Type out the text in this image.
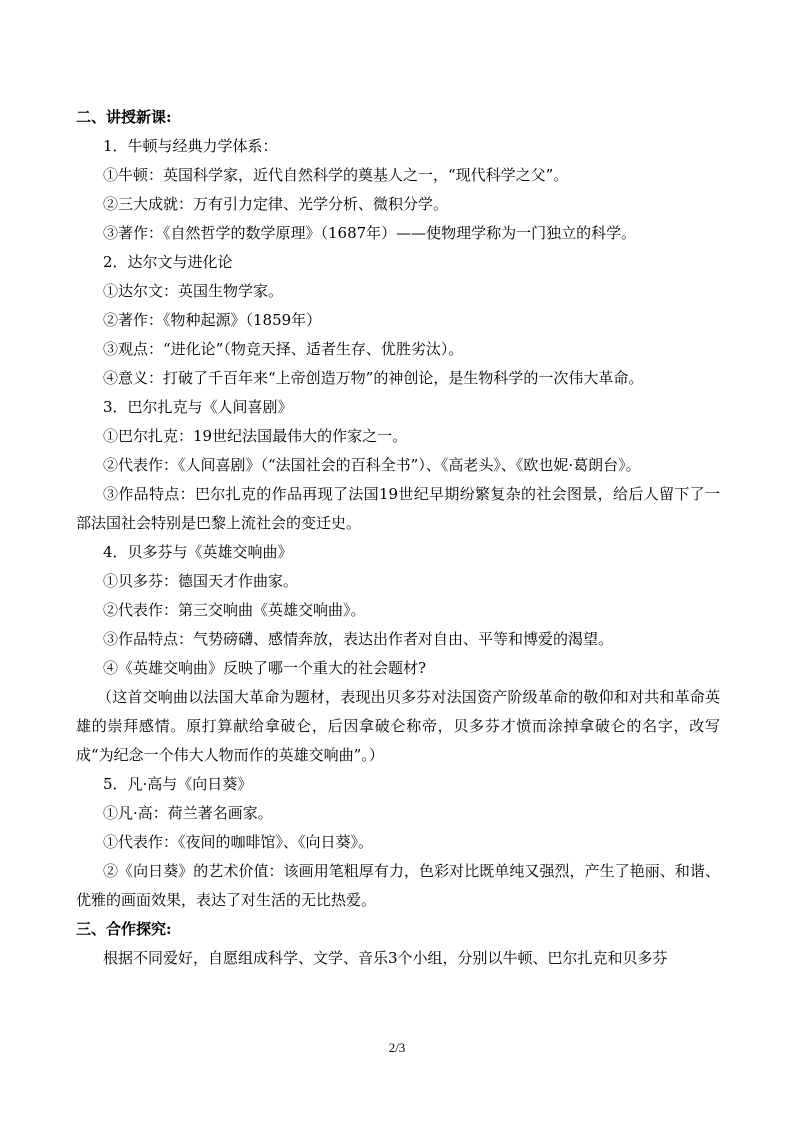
二、讲授新课:

1．牛顿与经典力学体系：

①牛顿：英国科学家，近代自然科学的奠基人之一，“现代科学之父”。

②三大成就：万有引力定律、光学分析、微积分学。

③著作：《自然哲学的数学原理》（1687年）——使物理学称为一门独立的科学。

2．达尔文与进化论

①达尔文：英国生物学家。

②著作：《物种起源》（1859年）

③观点：“进化论”（物竞天择、适者生存、优胜劣汰）。

④意义：打破了千百年来“上帝创造万物”的神创论，是生物科学的一次伟大革命。

3．巴尔扎克与《人间喜剧》

①巴尔扎克：19世纪法国最伟大的作家之一。

②代表作：《人间喜剧》（“法国社会的百科全书”）、《高老头》、《欧也妮·葛朗台》。

③作品特点：巴尔扎克的作品再现了法国19世纪早期纷繁复杂的社会图景，给后人留下了一部法国社会特别是巴黎上流社会的变迁史。

4．贝多芬与《英雄交响曲》

①贝多芬：德国天才作曲家。

②代表作：第三交响曲《英雄交响曲》。

③作品特点：气势磅礴、感情奔放，表达出作者对自由、平等和博爱的渴望。

④《英雄交响曲》反映了哪一个重大的社会题材?

（这首交响曲以法国大革命为题材，表现出贝多芬对法国资产阶级革命的敬仰和对共和革命英雄的崇拜感情。原打算献给拿破仑，后因拿破仑称帝，贝多芬才愤而涂掉拿破仑的名字，改写成“为纪念一个伟大人物而作的英雄交响曲”。）

5．凡·高与《向日葵》

①凡·高：荷兰著名画家。

①代表作：《夜间的咖啡馆》、《向日葵》。

②《向日葵》的艺术价值：该画用笔粗厚有力，色彩对比既单纯又强烈，产生了艳丽、和谐、优雅的画面效果，表达了对生活的无比热爱。

三、合作探究:

根据不同爱好，自愿组成科学、文学、音乐3个小组，分别以牛顿、巴尔扎克和贝多芬

2/3
